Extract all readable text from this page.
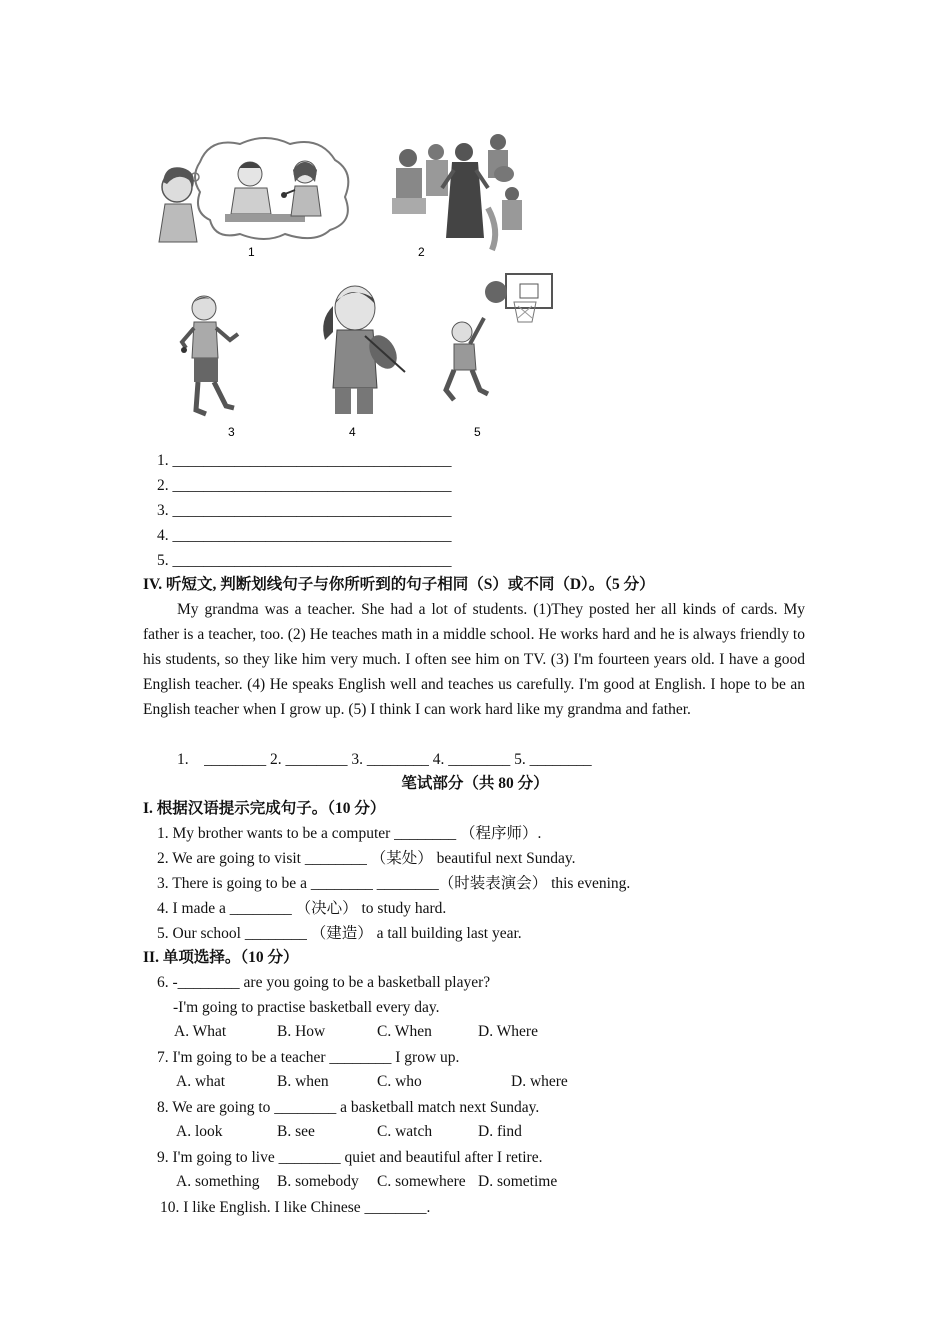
1	2
3	4	5
1. ____________________________________
2. ____________________________________
3. ____________________________________
4. ____________________________________
5. ____________________________________
IV. 听短文, 判断划线句子与你所听到的句子相同（S）或不同（D）。（5 分）
My grandma was a teacher. She had a lot of students. (1)They posted her all kinds of cards. My father is a teacher, too. (2) He teaches math in a middle school. He works hard and he is always friendly to his students, so they like him very much. I often see him on TV. (3) I'm fourteen years old. I have a good English teacher. (4) He speaks English well and teaches us carefully. I'm good at English. I hope to be an English teacher when I grow up. (5) I think I can work hard like my grandma and father.
1.    ________ 2. ________ 3. ________ 4. ________ 5. ________
笔试部分（共 80 分）
I. 根据汉语提示完成句子。（10 分）
1. My brother wants to be a computer ________ （程序师）.
2. We are going to visit ________ （某处） beautiful next Sunday.
3. There is going to be a ________ ________（时装表演会） this evening.
4. I made a ________ （决心） to study hard.
5. Our school ________ （建造） a tall building last year.
II. 单项选择。（10 分）
6. -________ are you going to be a basketball player?
-I'm going to practise basketball every day.
A. What	B. How	C. When	D. Where
7. I'm going to be a teacher ________ I grow up.
A. what	B. when	C. who	D. where
8. We are going to ________ a basketball match next Sunday.
A. look	B. see	C. watch	D. find
9. I'm going to live ________ quiet and beautiful after I retire.
A. something B. somebody C. somewhere D. sometime
10. I like English. I like Chinese ________.
